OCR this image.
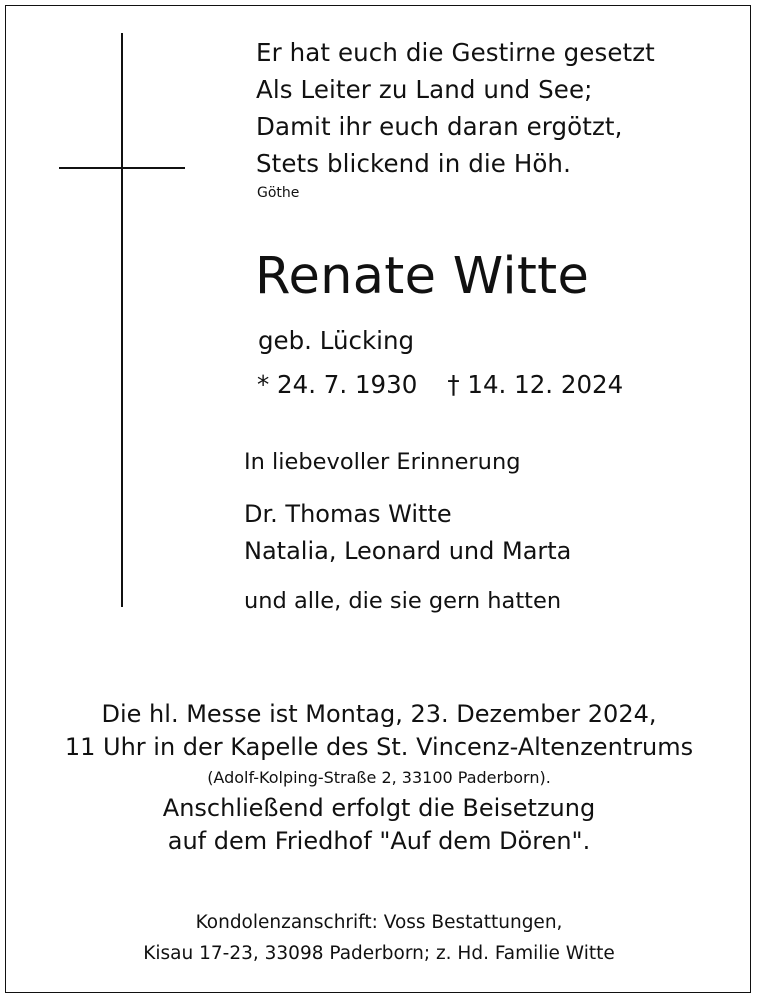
Er hat euch die Gestirne gesetzt
Als Leiter zu Land und See;
Damit ihr euch daran ergötzt,
Stets blickend in die Höh.
Göthe
Renate Witte
geb. Lücking
* 24. 7. 1930 † 14. 12. 2024
In liebevoller Erinnerung
Dr. Thomas Witte
Natalia, Leonard und Marta
und alle, die sie gern hatten
Die hl. Messe ist Montag, 23. Dezember 2024,
11 Uhr in der Kapelle des St. Vincenz-Altenzentrums
(Adolf-Kolping-Straße 2, 33100 Paderborn).
Anschließend erfolgt die Beisetzung
auf dem Friedhof "Auf dem Dören".
Kondolenzanschrift: Voss Bestattungen,
Kisau 17-23, 33098 Paderborn; z. Hd. Familie Witte
